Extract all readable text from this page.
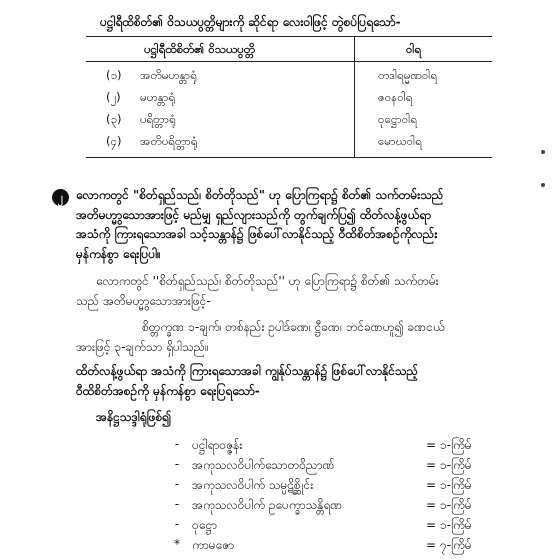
ပဋ္ဌါရီထိစိတ်၏ ဝိသယပွတ္တိများကို ဆိုင်ရာ လေးဝါဖြင့် တွဲစပ်ပြရသော်-
ပဋ္ဌါရီထိစိတ်၏ ဝိသယပွတ္တိ	ဝါရ
(၁) အတိမဟန္တာရုံ	တဒါရမ္မဏဝါရ
(၂) မဟန္တာရုံ	ဇဝနဝါရ
(၃) ပရိတ္တာရုံ	ဝုဋ္ဌောဝါရ
(၄) အတိပရိတ္တာရုံ	မောဃဝါရ
၂	လောကတွင် "စိတ်ရှည်သည်၊ စိတ်တိုသည်" ဟု ပြောကြရာ၌ စိတ်၏ သက်တမ်းသည်
အတိမဟ္မွာသောအားဖြင့် မည်မျှ ရှည်လျားသည်ကို တွက်ချက်ပြ၍ ထိတ်လန့်ဖွယ်ရာ
အသံကို ကြားရသောအခါ သင့်သန္တာန်၌ ဖြစ်ပေါ်လာနိုင်သည့် ဝီထိစိတ်အစဉ်ကိုလည်း
မှန်ကန်စွာ ရေးပြပါ။
လောကတွင် ''စိတ်ရှည်သည်၊ စိတ်တိုသည်'' ဟု ပြောကြရာ၌ စိတ်၏ သက်တမ်း
သည် အတိမဟ္မွာသောအားဖြင့်-
စိတ္တက္ခဏ ၁-ချက်၊ တစ်နည်း ဥပါဒ်ခဏ၊ ဋ္ဌီခဏ၊ ဘင်ခဏဟူ၍ ခဏငယ်
အားဖြင့် ၃-ချက်သာ ရှိပါသည်။
ထိတ်လန့်ဖွယ်ရာ အသံကို ကြားရသောအခါ ကျွန်ုပ်သန္တာန်၌ ဖြစ်ပေါ်လာနိုင်သည့်
ဝီထိစိတ်အစဉ်ကို မှန်ကန်စွာ ရေးပြရသော်-
အနိဋ္ဌသဒ္ဒါရုံဖြစ်၍
-	ပဋ္ဌါရာဝဇ္ဇန်း	= ၁-ကြိမ်
-	အကုသလဝိပါက်သောတဝိညာဏ်	= ၁-ကြိမ်
-	အကုသလဝိပါက် သမ္ပဋိစ္ဆိုင်း	= ၁-ကြိမ်
-	အကုသလဝိပါက် ဥပေက္ခာသန္တိရဏ	= ၁-ကြိမ်
-	ဝုဋ္ဌော	= ၁-ကြိမ်
*	ကာမဇော	= ၇-ကြိမ်
